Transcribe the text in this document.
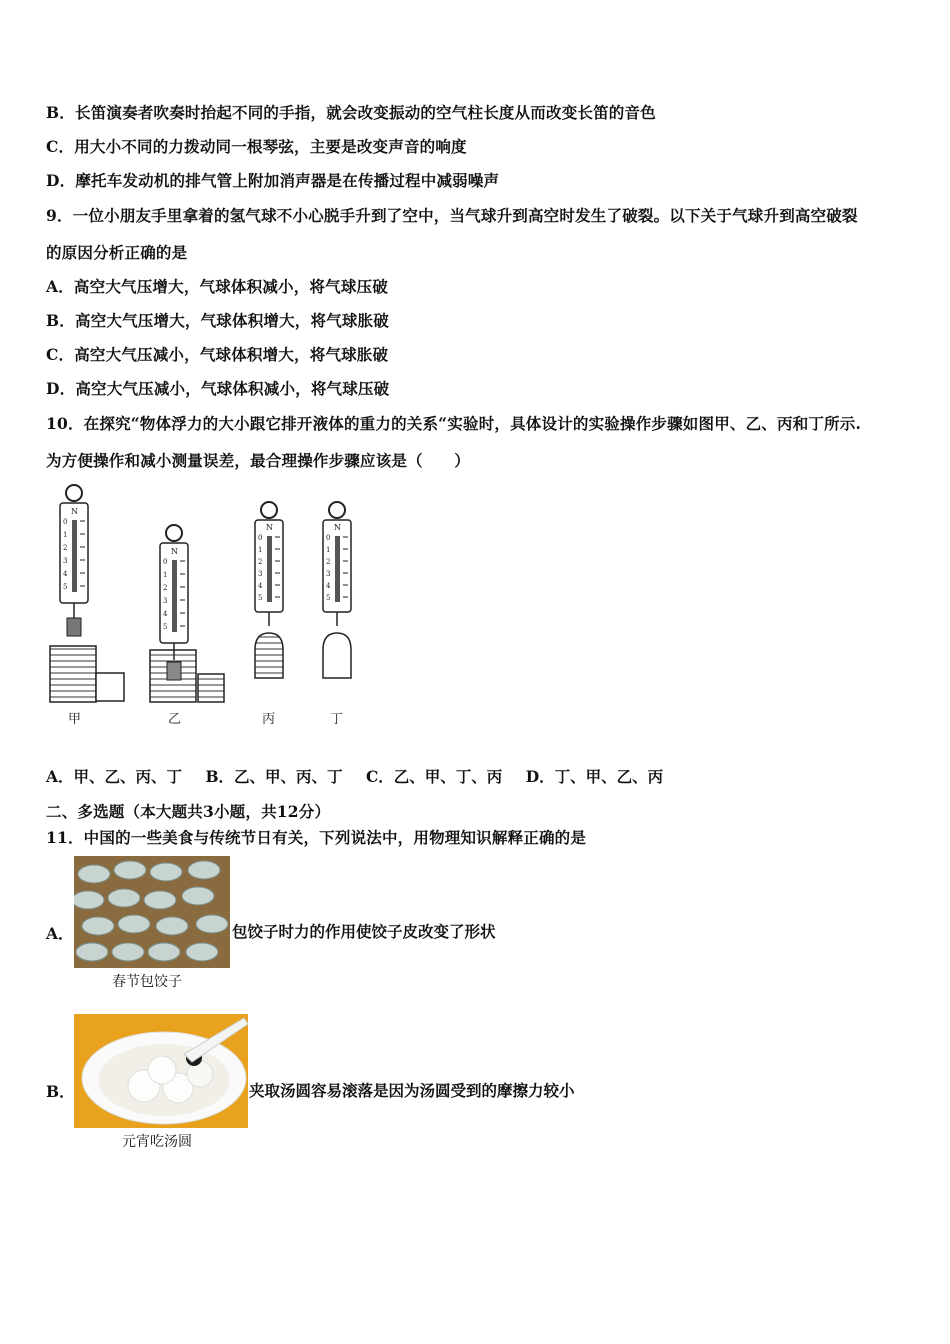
B．长笛演奏者吹奏时抬起不同的手指，就会改变振动的空气柱长度从而改变长笛的音色
C．用大小不同的力拨动同一根琴弦，主要是改变声音的响度
D．摩托车发动机的排气管上附加消声器是在传播过程中减弱噪声
9．一位小朋友手里拿着的氢气球不小心脱手升到了空中，当气球升到高空时发生了破裂。以下关于气球升到高空破裂
的原因分析正确的是
A．高空大气压增大，气球体积减小，将气球压破
B．高空大气压增大，气球体积增大，将气球胀破
C．高空大气压减小，气球体积增大，将气球胀破
D．高空大气压减小，气球体积减小，将气球压破
10．在探究“物体浮力的大小跟它排开液体的重力的关系“实验时，具体设计的实验操作步骤如图甲、乙、丙和丁所示.
为方便操作和减小测量误差，最合理操作步骤应该是（　　）
N
0
1
2
3
4
5
甲
N
0
1
2
3
4
5
乙
N
0
1
2
3
4
5
丙
N
0
1
2
3
4
5
丁
A．甲、乙、丙、丁 B．乙、甲、丙、丁 C．乙、甲、丁、丙 D．丁、甲、乙、丙
二、多选题（本大题共3小题，共12分）
11．中国的一些美食与传统节日有关，下列说法中，用物理知识解释正确的是
A．	包饺子时力的作用使饺子皮改变了形状
春节包饺子
B．	夹取汤圆容易滚落是因为汤圆受到的摩擦力较小
元宵吃汤圆
